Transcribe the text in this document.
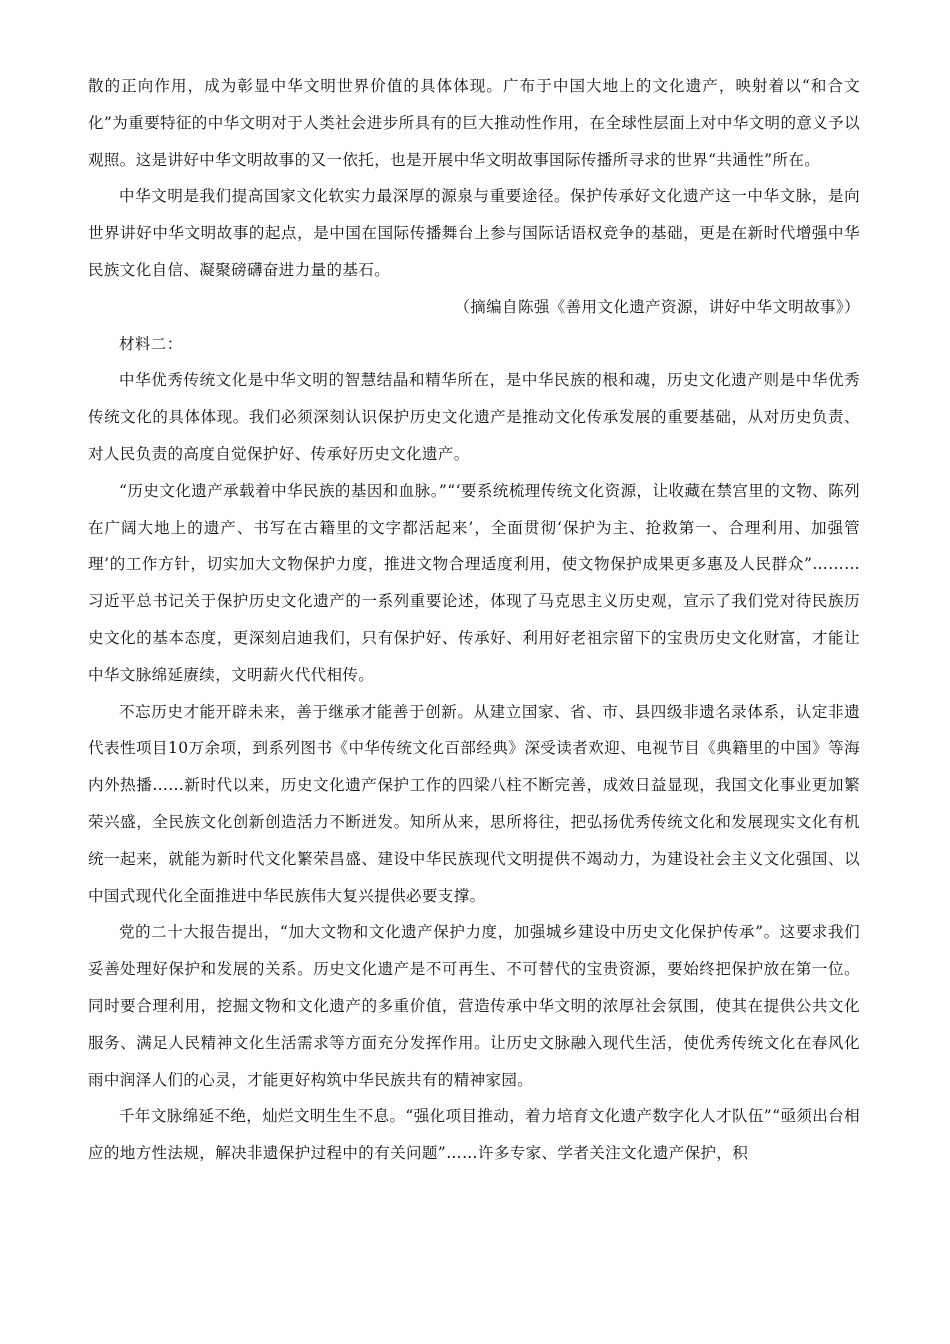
散的正向作用，成为彰显中华文明世界价值的具体体现。广布于中国大地上的文化遗产，映射着以“和合文化”为重要特征的中华文明对于人类社会进步所具有的巨大推动性作用，在全球性层面上对中华文明的意义予以观照。这是讲好中华文明故事的又一依托，也是开展中华文明故事国际传播所寻求的世界“共通性”所在。

中华文明是我们提高国家文化软实力最深厚的源泉与重要途径。保护传承好文化遗产这一中华文脉，是向世界讲好中华文明故事的起点，是中国在国际传播舞台上参与国际话语权竞争的基础，更是在新时代增强中华民族文化自信、凝聚磅礴奋进力量的基石。

（摘编自陈强《善用文化遗产资源，讲好中华文明故事》）

材料二：

中华优秀传统文化是中华文明的智慧结晶和精华所在，是中华民族的根和魂，历史文化遗产则是中华优秀传统文化的具体体现。我们必须深刻认识保护历史文化遗产是推动文化传承发展的重要基础，从对历史负责、对人民负责的高度自觉保护好、传承好历史文化遗产。

“历史文化遗产承载着中华民族的基因和血脉。”“‘要系统梳理传统文化资源，让收藏在禁宫里的文物、陈列在广阔大地上的遗产、书写在古籍里的文字都活起来’，全面贯彻‘保护为主、抢救第一、合理利用、加强管理’的工作方针，切实加大文物保护力度，推进文物合理适度利用，使文物保护成果更多惠及人民群众”………习近平总书记关于保护历史文化遗产的一系列重要论述，体现了马克思主义历史观，宣示了我们党对待民族历史文化的基本态度，更深刻启迪我们，只有保护好、传承好、利用好老祖宗留下的宝贵历史文化财富，才能让中华文脉绵延赓续，文明薪火代代相传。

不忘历史才能开辟未来，善于继承才能善于创新。从建立国家、省、市、县四级非遗名录体系，认定非遗代表性项目10万余项，到系列图书《中华传统文化百部经典》深受读者欢迎、电视节目《典籍里的中国》等海内外热播……新时代以来，历史文化遗产保护工作的四梁八柱不断完善，成效日益显现，我国文化事业更加繁荣兴盛，全民族文化创新创造活力不断迸发。知所从来，思所将往，把弘扬优秀传统文化和发展现实文化有机统一起来，就能为新时代文化繁荣昌盛、建设中华民族现代文明提供不竭动力，为建设社会主义文化强国、以中国式现代化全面推进中华民族伟大复兴提供必要支撑。

党的二十大报告提出，“加大文物和文化遗产保护力度，加强城乡建设中历史文化保护传承”。这要求我们妥善处理好保护和发展的关系。历史文化遗产是不可再生、不可替代的宝贵资源，要始终把保护放在第一位。同时要合理利用，挖掘文物和文化遗产的多重价值，营造传承中华文明的浓厚社会氛围，使其在提供公共文化服务、满足人民精神文化生活需求等方面充分发挥作用。让历史文脉融入现代生活，使优秀传统文化在春风化雨中润泽人们的心灵，才能更好构筑中华民族共有的精神家园。

千年文脉绵延不绝，灿烂文明生生不息。“强化项目推动，着力培育文化遗产数字化人才队伍”“亟须出台相应的地方性法规，解决非遗保护过程中的有关问题”……许多专家、学者关注文化遗产保护，积
